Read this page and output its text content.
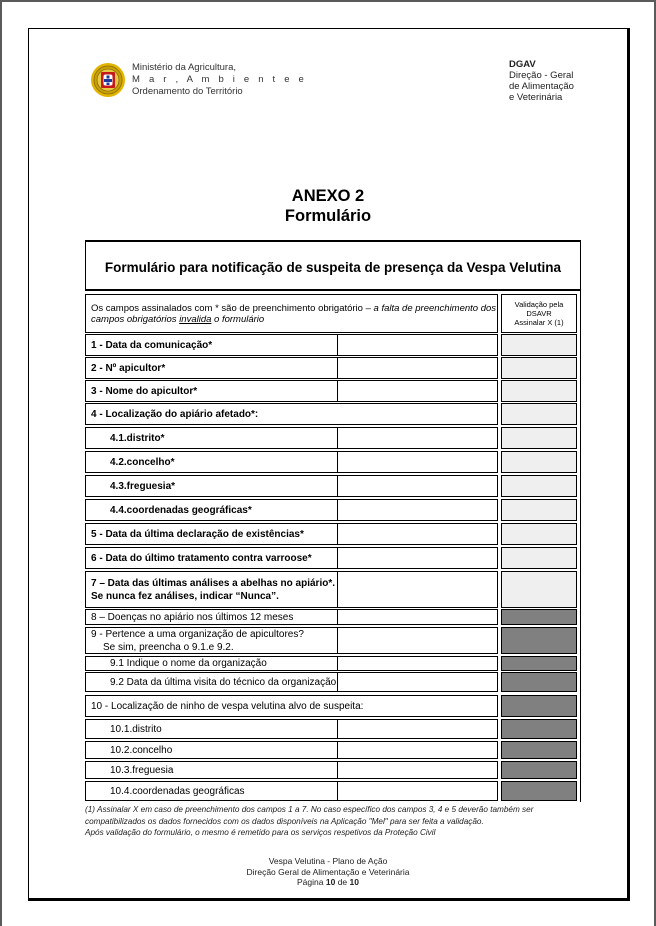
Ministério da Agricultura,
M a r , A m b i e n t e e
Ordenamento do Território
DGAV
Direção - Geral
de Alimentação
e Veterinária
ANEXO 2
Formulário
Formulário para notificação de suspeita de presença da Vespa Velutina
Os campos assinalados com * são de preenchimento obrigatório – a falta de preenchimento dos campos obrigatórios invalida o formulário
Validação pela
DSAVR
Assinalar X (1)
1 - Data da comunicação*
2 - Nº apicultor*
3 - Nome do apicultor*
4 - Localização do apiário afetado*:
4.1.distrito*
4.2.concelho*
4.3.freguesia*
4.4.coordenadas geográficas*
5 - Data da última declaração de existências*
6 - Data do último tratamento contra varroose*
7 – Data das últimas análises a abelhas no apiário*.
Se nunca fez análises, indicar “Nunca”.
8 – Doenças no apiário nos últimos 12 meses
9 - Pertence a uma organização de apicultores?
Se sim, preencha o 9.1.e 9.2.
9.1 Indique o nome da organização
9.2 Data da última visita do técnico da organização
10 - Localização de ninho de vespa velutina alvo de suspeita:
10.1.distrito
10.2.concelho
10.3.freguesia
10.4.coordenadas geográficas
(1) Assinalar X em caso de preenchimento dos campos 1 a 7. No caso específico dos campos 3, 4 e 5 deverão também ser
compatibilizados os dados fornecidos com os dados disponíveis na Aplicação "Mel" para ser feita a validação.
Após validação do formulário, o mesmo é remetido para os serviços respetivos da Proteção Civil
Vespa Velutina - Plano de Ação
Direção Geral de Alimentação e Veterinária
Página 10 de 10
